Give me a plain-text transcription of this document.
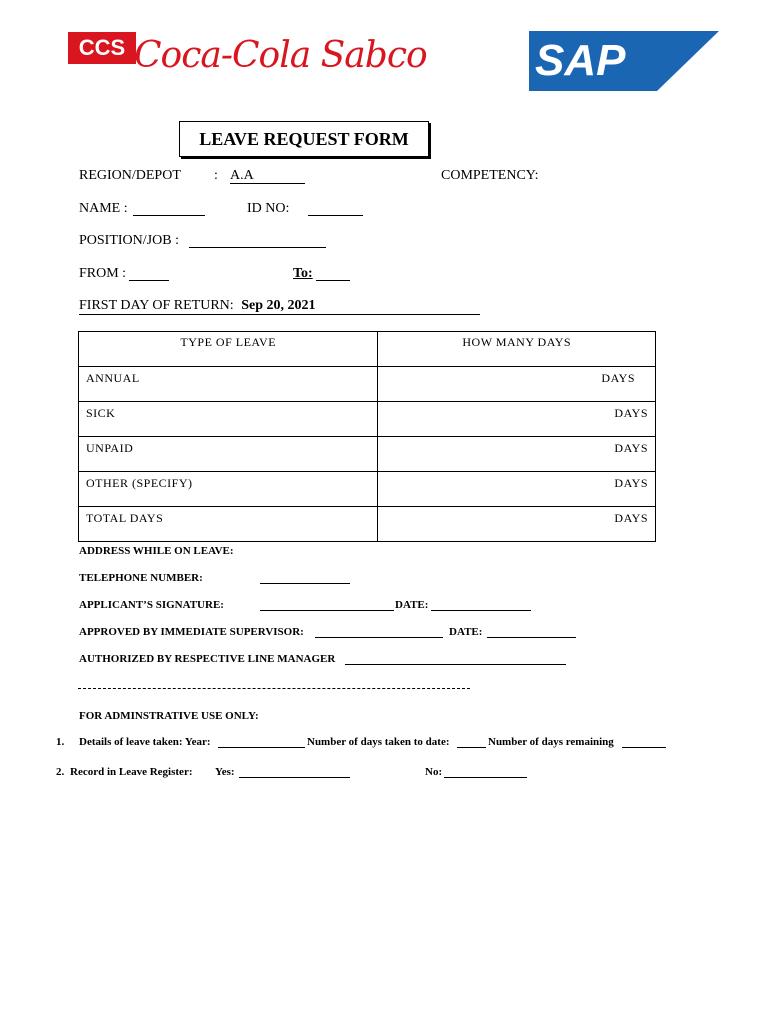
CCS Coca-Cola Sabco SAP
®
LEAVE REQUEST FORM
REGION/DEPOT : A.A	COMPETENCY:
NAME :	ID NO:
POSITION/JOB :
FROM :	To:
FIRST DAY OF RETURN: Sep 20, 2021
TYPE OF LEAVE	HOW MANY DAYS
ANNUAL	DAYS
SICK	DAYS
UNPAID	DAYS
OTHER (SPECIFY)	DAYS
TOTAL DAYS	DAYS
ADDRESS WHILE ON LEAVE:
TELEPHONE NUMBER:
APPLICANT’S SIGNATURE:	DATE:
APPROVED BY IMMEDIATE SUPERVISOR:	DATE:
AUTHORIZED BY RESPECTIVE LINE MANAGER
FOR ADMINSTRATIVE USE ONLY:
1. Details of leave taken: Year:	Number of days taken to date:	Number of days remaining
2. Record in Leave Register: Yes:	No:
